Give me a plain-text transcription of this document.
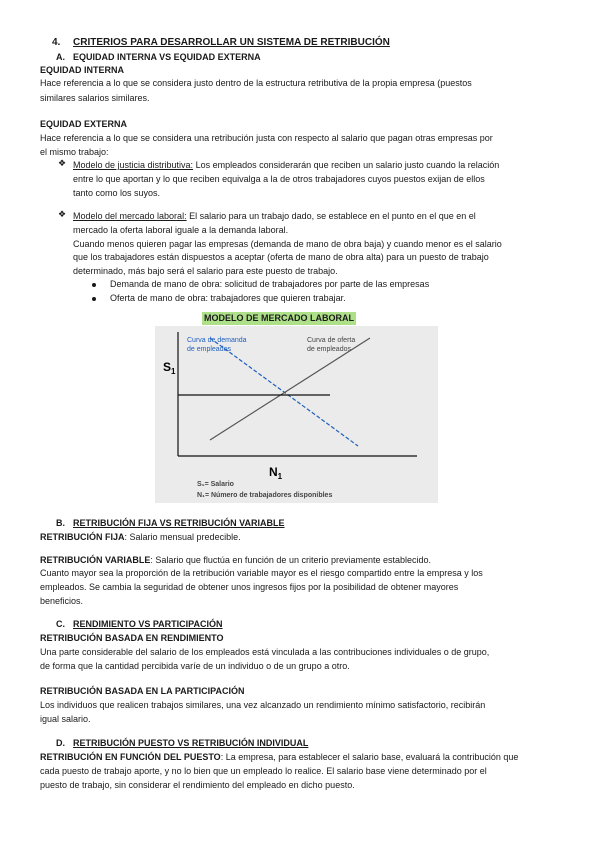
4. CRITERIOS PARA DESARROLLAR UN SISTEMA DE RETRIBUCIÓN
A. EQUIDAD INTERNA VS EQUIDAD EXTERNA
EQUIDAD INTERNA
Hace referencia a lo que se considera justo dentro de la estructura retributiva de la propia empresa (puestos
similares salarios similares.
EQUIDAD EXTERNA
Hace referencia a lo que se considera una retribución justa con respecto al salario que pagan otras empresas por
el mismo trabajo:
❖ Modelo de justicia distributiva: Los empleados considerarán que reciben un salario justo cuando la relación
entre lo que aportan y lo que reciben equivalga a la de otros trabajadores cuyos puestos exijan de ellos
tanto como los suyos.
❖ Modelo del mercado laboral: El salario para un trabajo dado, se establece en el punto en el que en el
mercado la oferta laboral iguale a la demanda laboral.
Cuando menos quieren pagar las empresas (demanda de mano de obra baja) y cuando menor es el salario
que los trabajadores están dispuestos a aceptar (oferta de mano de obra alta) para un puesto de trabajo
determinado, más bajo será el salario para este puesto de trabajo.
Demanda de mano de obra: solicitud de trabajadores por parte de las empresas
Oferta de mano de obra: trabajadores que quieren trabajar.
MODELO DE MERCADO LABORAL
$S_1$
$N_1$
Curva de demanda de empleados
Curva de oferta de empleados
S₁= Salario
N₁= Número de trabajadores disponibles
B. RETRIBUCIÓN FIJA VS RETRIBUCIÓN VARIABLE
RETRIBUCIÓN FIJA: Salario mensual predecible.
RETRIBUCIÓN VARIABLE: Salario que fluctúa en función de un criterio previamente establecido.
Cuanto mayor sea la proporción de la retribución variable mayor es el riesgo compartido entre la empresa y los
empleados. Se cambia la seguridad de obtener unos ingresos fijos por la posibilidad de obtener mayores
beneficios.
C. RENDIMIENTO VS PARTICIPACIÓN
RETRIBUCIÓN BASADA EN RENDIMIENTO
Una parte considerable del salario de los empleados está vinculada a las contribuciones individuales o de grupo,
de forma que la cantidad percibida varíe de un individuo o de un grupo a otro.
RETRIBUCIÓN BASADA EN LA PARTICIPACIÓN
Los individuos que realicen trabajos similares, una vez alcanzado un rendimiento mínimo satisfactorio, recibirán
igual salario.
D. RETRIBUCIÓN PUESTO VS RETRIBUCIÓN INDIVIDUAL
RETRIBUCIÓN EN FUNCIÓN DEL PUESTO: La empresa, para establecer el salario base, evaluará la contribución que
cada puesto de trabajo aporte, y no lo bien que un empleado lo realice. El salario base viene determinado por el
puesto de trabajo, sin considerar el rendimiento del empleado en dicho puesto.
